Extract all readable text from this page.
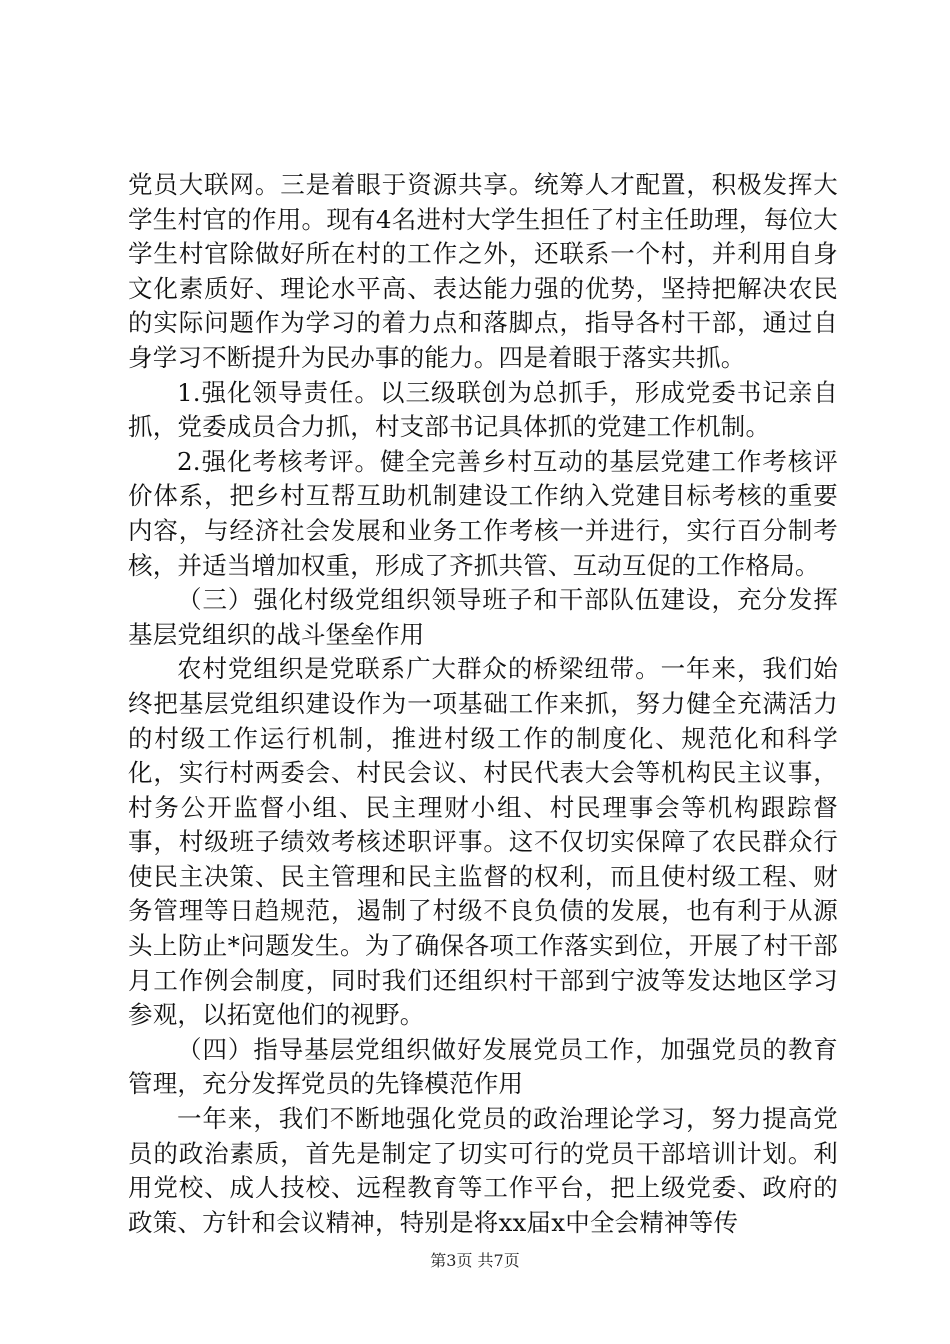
党员大联网。三是着眼于资源共享。统筹人才配置，积极发挥大学生村官的作用。现有4名进村大学生担任了村主任助理，每位大学生村官除做好所在村的工作之外，还联系一个村，并利用自身文化素质好、理论水平高、表达能力强的优势，坚持把解决农民的实际问题作为学习的着力点和落脚点，指导各村干部，通过自身学习不断提升为民办事的能力。四是着眼于落实共抓。

1.强化领导责任。以三级联创为总抓手，形成党委书记亲自抓，党委成员合力抓，村支部书记具体抓的党建工作机制。

2.强化考核考评。健全完善乡村互动的基层党建工作考核评价体系，把乡村互帮互助机制建设工作纳入党建目标考核的重要内容，与经济社会发展和业务工作考核一并进行，实行百分制考核，并适当增加权重，形成了齐抓共管、互动互促的工作格局。

（三）强化村级党组织领导班子和干部队伍建设，充分发挥基层党组织的战斗堡垒作用

农村党组织是党联系广大群众的桥梁纽带。一年来，我们始终把基层党组织建设作为一项基础工作来抓，努力健全充满活力的村级工作运行机制，推进村级工作的制度化、规范化和科学化，实行村两委会、村民会议、村民代表大会等机构民主议事，村务公开监督小组、民主理财小组、村民理事会等机构跟踪督事，村级班子绩效考核述职评事。这不仅切实保障了农民群众行使民主决策、民主管理和民主监督的权利，而且使村级工程、财务管理等日趋规范，遏制了村级不良负债的发展，也有利于从源头上防止*问题发生。为了确保各项工作落实到位，开展了村干部月工作例会制度，同时我们还组织村干部到宁波等发达地区学习参观，以拓宽他们的视野。

（四）指导基层党组织做好发展党员工作，加强党员的教育管理，充分发挥党员的先锋模范作用

一年来，我们不断地强化党员的政治理论学习，努力提高党员的政治素质，首先是制定了切实可行的党员干部培训计划。利用党校、成人技校、远程教育等工作平台，把上级党委、政府的政策、方针和会议精神，特别是将xx届x中全会精神等传

第3页 共7页
